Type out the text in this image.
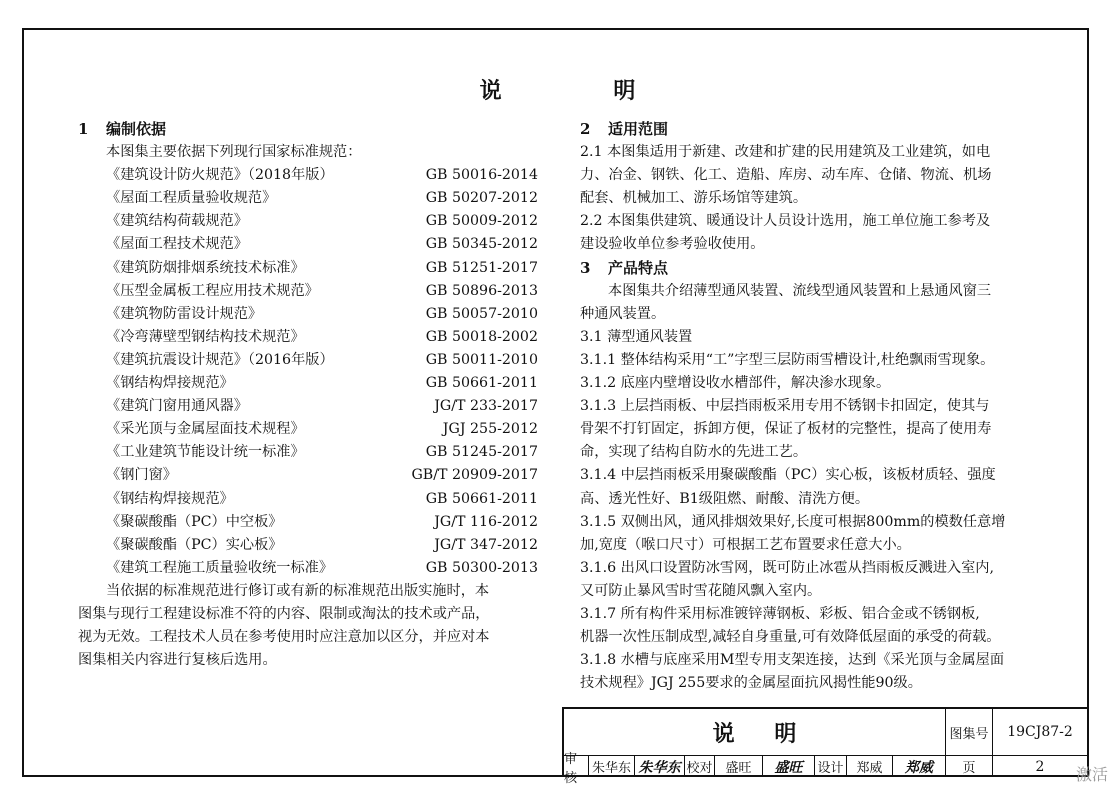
说 明
1 编制依据
本图集主要依据下列现行国家标准规范：
《建筑设计防火规范》（2018年版）	GB 50016-2014
《屋面工程质量验收规范》	GB 50207-2012
《建筑结构荷载规范》	GB 50009-2012
《屋面工程技术规范》	GB 50345-2012
《建筑防烟排烟系统技术标准》	GB 51251-2017
《压型金属板工程应用技术规范》	GB 50896-2013
《建筑物防雷设计规范》	GB 50057-2010
《冷弯薄壁型钢结构技术规范》	GB 50018-2002
《建筑抗震设计规范》（2016年版）	GB 50011-2010
《钢结构焊接规范》	GB 50661-2011
《建筑门窗用通风器》	JG/T 233-2017
《采光顶与金属屋面技术规程》	JGJ 255-2012
《工业建筑节能设计统一标准》	GB 51245-2017
《钢门窗》	GB/T 20909-2017
《钢结构焊接规范》	GB 50661-2011
《聚碳酸酯（PC）中空板》	JG/T 116-2012
《聚碳酸酯（PC）实心板》	JG/T 347-2012
《建筑工程施工质量验收统一标准》	GB 50300-2013
当依据的标准规范进行修订或有新的标准规范出版实施时，本
图集与现行工程建设标准不符的内容、限制或淘汰的技术或产品，
视为无效。工程技术人员在参考使用时应注意加以区分，并应对本
图集相关内容进行复核后选用。
2 适用范围
2.1 本图集适用于新建、改建和扩建的民用建筑及工业建筑，如电
力、冶金、钢铁、化工、造船、库房、动车库、仓储、物流、机场
配套、机械加工、游乐场馆等建筑。
2.2 本图集供建筑、暖通设计人员设计选用，施工单位施工参考及
建设验收单位参考验收使用。
3 产品特点
本图集共介绍薄型通风装置、流线型通风装置和上悬通风窗三
种通风装置。
3.1 薄型通风装置
3.1.1 整体结构采用“工”字型三层防雨雪槽设计,杜绝飘雨雪现象。
3.1.2 底座内壁增设收水槽部件，解决渗水现象。
3.1.3 上层挡雨板、中层挡雨板采用专用不锈钢卡扣固定，使其与
骨架不打钉固定，拆卸方便，保证了板材的完整性，提高了使用寿
命，实现了结构自防水的先进工艺。
3.1.4 中层挡雨板采用聚碳酸酯（PC）实心板，该板材质轻、强度
高、透光性好、B1级阻燃、耐酸、清洗方便。
3.1.5 双侧出风，通风排烟效果好,长度可根据800mm的模数任意增
加,宽度（喉口尺寸）可根据工艺布置要求任意大小。
3.1.6 出风口设置防冰雪网，既可防止冰雹从挡雨板反溅进入室内,
又可防止暴风雪时雪花随风飘入室内。
3.1.7 所有构件采用标准镀锌薄钢板、彩板、铝合金或不锈钢板,
机器一次性压制成型,减轻自身重量,可有效降低屋面的承受的荷载。
3.1.8 水槽与底座采用M型专用支架连接，达到《采光顶与金属屋面
技术规程》JGJ 255要求的金属屋面抗风揭性能90级。
说 明	图集号	19CJ87-2
审核
朱华东 朱华东 校对 盛旺	盛旺	设计 郑威	郑威	页	2	激活
